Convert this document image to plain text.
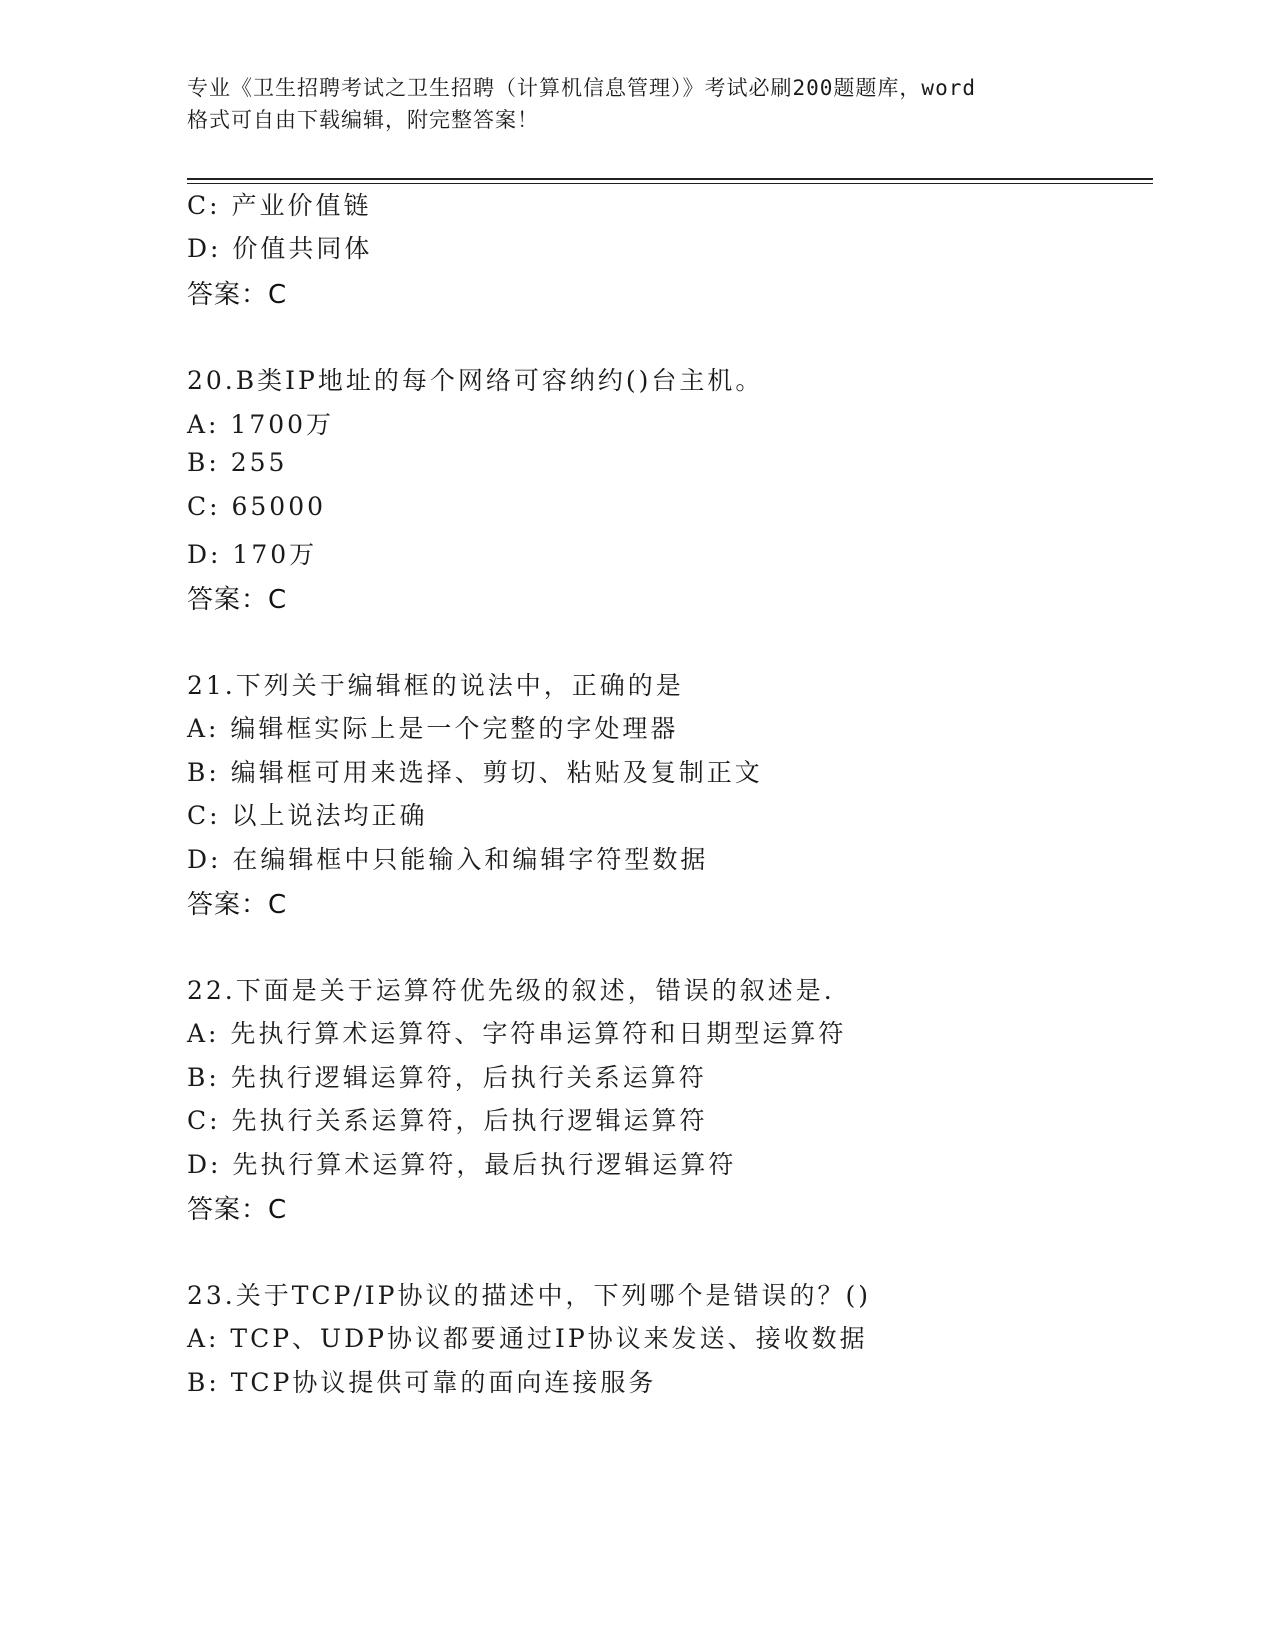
专业《卫生招聘考试之卫生招聘（计算机信息管理）》考试必刷200题题库，word
格式可自由下载编辑，附完整答案！
C: 产业价值链
D: 价值共同体
答案：C
20.B类IP地址的每个网络可容纳约()台主机。
A: 1700万
B: 255
C: 65000
D: 170万
答案：C
21.下列关于编辑框的说法中，正确的是
A: 编辑框实际上是一个完整的字处理器
B: 编辑框可用来选择、剪切、粘贴及复制正文
C: 以上说法均正确
D: 在编辑框中只能输入和编辑字符型数据
答案：C
22.下面是关于运算符优先级的叙述，错误的叙述是.
A: 先执行算术运算符、字符串运算符和日期型运算符
B: 先执行逻辑运算符，后执行关系运算符
C: 先执行关系运算符，后执行逻辑运算符
D: 先执行算术运算符，最后执行逻辑运算符
答案：C
23.关于TCP/IP协议的描述中，下列哪个是错误的？()
A: TCP、UDP协议都要通过IP协议来发送、接收数据
B: TCP协议提供可靠的面向连接服务
